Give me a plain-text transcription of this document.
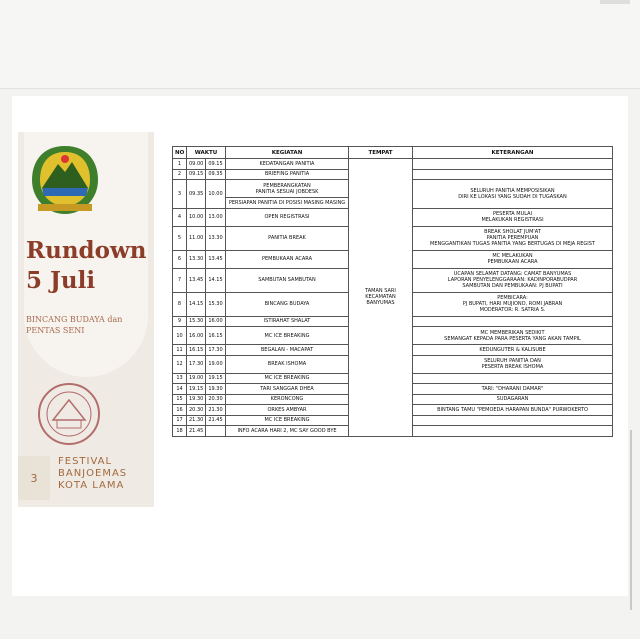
Rundown
5 Juli
BINCANG BUDAYA dan
PENTAS SENI
3
FESTIVAL
BANJOEMAS
KOTA LAMA
NO	WAKTU		KEGIATAN	TEMPAT	KETERANGAN
1	09.00	09.15	KEDATANGAN PANITIA	TAMAN SARI
KECAMATAN BANYUMAS	
2	09.15	09.35	BRIEFING PANITIA		
3	09.35	10.00	PEMBERANGKATAN
PANITIA SESUAI JOBDESK		SELURUH PANITIA MEMPOSISIKAN
DIRI KE LOKASI YANG SUDAH DI TUGASKAN
			PERSIAPAN PANITIA DI POSISI MASING MASING		
4	10.00	13.00	OPEN REGISTRASI		PESERTA MULAI
MELAKUKAN REGISTRASI
5	11.00	13.30	PANITIA BREAK		BREAK SHOLAT JUM'AT
PANITIA PEREMPUAN
MENGGANTIKAN TUGAS PANITIA YANG BERTUGAS DI MEJA REGIST
6	13.30	13.45	PEMBUKAAN ACARA		MC MELAKUKAN
PEMBUKAAN ACARA
7	13.45	14.15	SAMBUTAN SAMBUTAN		UCAPAN SELAMAT DATANG: CAMAT BANYUMAS
LAPORAN PENYELENGGARAAN: KADINPORABUDPAR
SAMBUTAN DAN PEMBUKAAN: PJ BUPATI
8	14.15	15.30	BINCANG BUDAYA		PEMBICARA:
PJ BUPATI, HARI MUJIONO, ROMI JABRAN
MODERATOR: R. SATRIA S.
9	15.30	16.00	ISTIRAHAT SHALAT		
10	16.00	16.15	MC ICE BREAKING		MC MEMBERIKAN SEDIKIT
SEMANGAT KEPADA PARA PESERTA YANG AKAN TAMPIL
11	16.15	17.30	BEGALAN - MACAPAT		KEDUNGUTER & KALISUBE
12	17.30	19.00	BREAK ISHOMA		SELURUH PANITIA DAN
PESERTA BREAK ISHOMA
13	19.00	19.15	MC ICE BREAKING		
14	19.15	19.30	TARI SANGGAR DHEA		TARI: "DHARANI DAMAR"
15	19.30	20.30	KERONCONG		SUDAGARAN
16	20.30	21.30	ORKES AMBYAR		BINTANG TAMU "PEMOEDA HARAPAN BUNDA" PURWOKERTO
17	21.30	21.45	MC ICE BREAKING		
18	21.45		INFO ACARA HARI 2, MC SAY GOOD BYE		
